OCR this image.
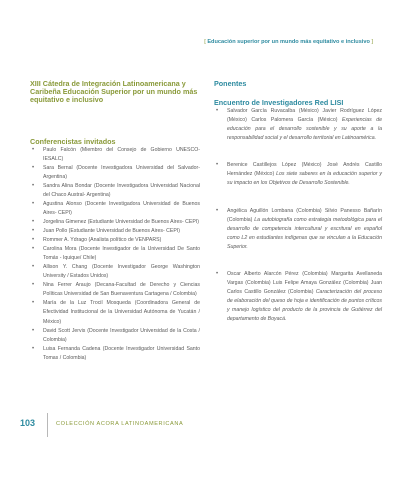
[ Educación superior por un mundo más equitativo e inclusivo ]
XIII Cátedra de Integración Latinoamericana y Caribeña Educación Superior por un mundo más equitativo e inclusivo
Conferencistas invitados
• Paulo Falcón (Miembro del Consejo de Gobierno UNESCO-IESALC)
• Sara Bernal (Docente Investigadora Universidad del Salvador- Argentina)
• Sandra Alina Bondar (Docente Investigadora Universidad Nacional del Chaco Austral- Argentina)
• Agustina Alonso (Docente Investigadora Universidad de Buenos Aires- CEPI)
• Jorgelina Gimenez (Estudiante Universidad de Buenos Aires- CEPI)
• Juan Pollo (Estudiante Universidad de Buenos Aires- CEPI)
• Rommer A. Ydrago (Analista político de VENPARS)
• Carolina Mora (Docente Investigador de la Universidad De Santo Tomás - Iquique/ Chile)
• Allison Y. Chang (Docente Investigador George Washington University / Estados Unidos)
• Nina Ferrer Araujo (Decana-Facultad de Derecho y Ciencias Políticas Universidad de San Buenaventura Cartagena / Colombia)
• María de la Luz Trocil Mosqueda (Coordinadora General de Efectividad Institucional de la Universidad Autónoma de Yucatán / México)
• David Scott Jervis (Docente Investigador Universidad de la Costa / Colombia)
• Luisa Fernanda Cadena (Docente Investigador Universidad Santo Tomas / Colombia)
Ponentes
Encuentro de Investigadores Red LISI
• Salvador García Ruvacalba (México) Javier Rodríguez López (México) Carlos Palomera García (México) Experiencias de educación para el desarrollo sostenible y su aporte a la responsabilidad social y el desarrollo territorial en Latinoamérica.
• Berenice Castillejos López (México) José Andrés Castillo Hernández (México) Los siete saberes en la educación superior y su impacto en los Objetivos de Desarrollo Sostenible.
• Angélica Aguillón Lombana (Colombia) Silvio Panesso Bañarín (Colombia) La autobiografía como estrategia metodológica para el desarrollo de competencia intercultural y escritural en español como L2 en estudiantes indígenas que se vinculan a la Educación Superior.
• Oscar Alberto Alarcón Pérez (Colombia) Margarita Avellaneda Vargas (Colombia) Luis Felipe Amaya González (Colombia) Juan Carlos Castillo González (Colombia) Caracterización del proceso de elaboración del queso de hoja e identificación de puntos críticos y manejo logístico del producto de la provincia de Gutiérrez del departamento de Boyacá.
103	COLECCIÓN ACORA LATINOAMERICANA
